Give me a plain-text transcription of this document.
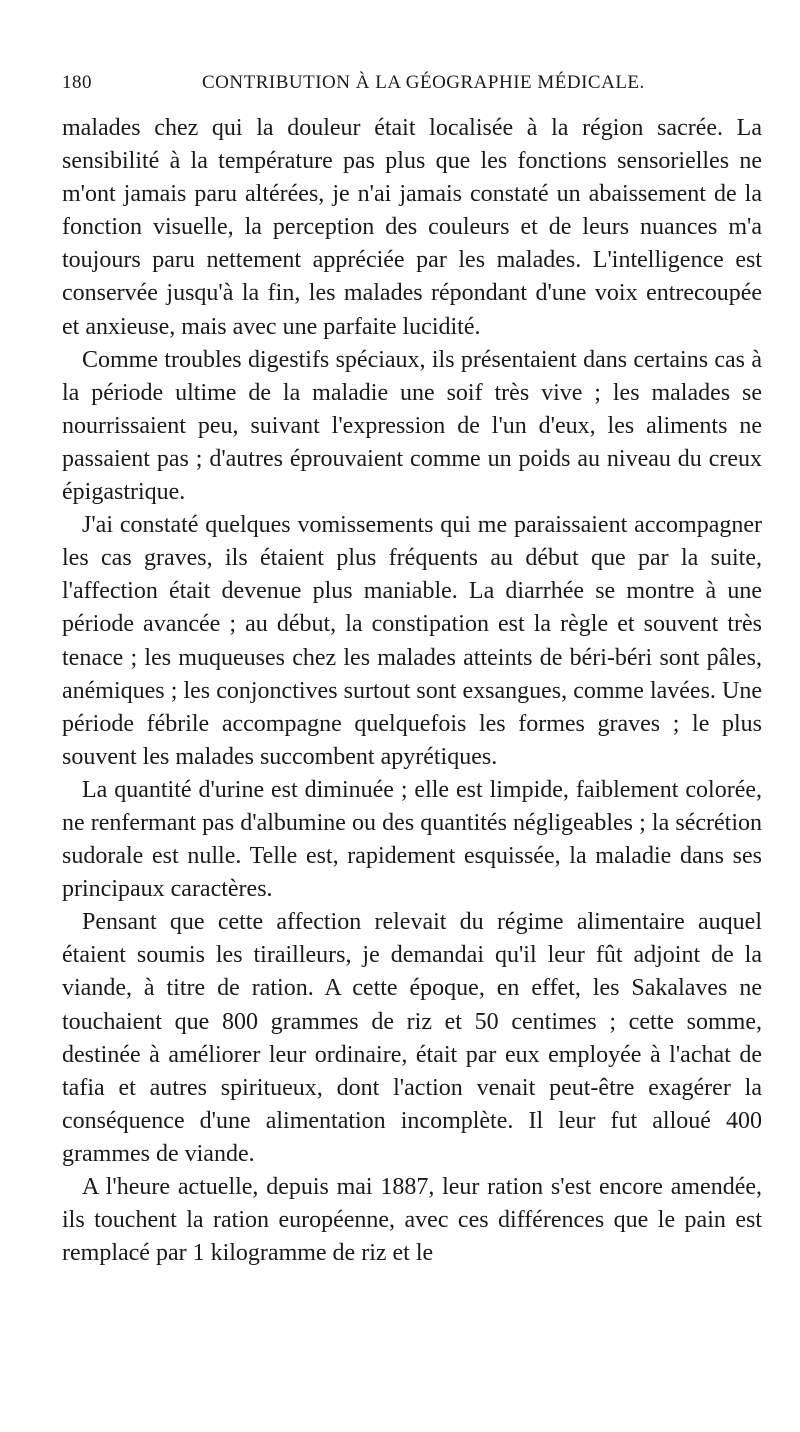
180	CONTRIBUTION À LA GÉOGRAPHIE MÉDICALE.

malades chez qui la douleur était localisée à la région sacrée. La sensibilité à la température pas plus que les fonctions sensorielles ne m'ont jamais paru altérées, je n'ai jamais constaté un abaissement de la fonction visuelle, la perception des couleurs et de leurs nuances m'a toujours paru nettement appréciée par les malades. L'intelligence est conservée jusqu'à la fin, les malades répondant d'une voix entrecoupée et anxieuse, mais avec une parfaite lucidité.

Comme troubles digestifs spéciaux, ils présentaient dans certains cas à la période ultime de la maladie une soif très vive ; les malades se nourrissaient peu, suivant l'expression de l'un d'eux, les aliments ne passaient pas ; d'autres éprouvaient comme un poids au niveau du creux épigastrique.

J'ai constaté quelques vomissements qui me paraissaient accompagner les cas graves, ils étaient plus fréquents au début que par la suite, l'affection était devenue plus maniable. La diarrhée se montre à une période avancée ; au début, la constipation est la règle et souvent très tenace ; les muqueuses chez les malades atteints de béri-béri sont pâles, anémiques ; les conjonctives surtout sont exsangues, comme lavées. Une période fébrile accompagne quelquefois les formes graves ; le plus souvent les malades succombent apyrétiques.

La quantité d'urine est diminuée ; elle est limpide, faiblement colorée, ne renfermant pas d'albumine ou des quantités négligeables ; la sécrétion sudorale est nulle. Telle est, rapidement esquissée, la maladie dans ses principaux caractères.

Pensant que cette affection relevait du régime alimentaire auquel étaient soumis les tirailleurs, je demandai qu'il leur fût adjoint de la viande, à titre de ration. A cette époque, en effet, les Sakalaves ne touchaient que 800 grammes de riz et 50 centimes ; cette somme, destinée à améliorer leur ordinaire, était par eux employée à l'achat de tafia et autres spiritueux, dont l'action venait peut-être exagérer la conséquence d'une alimentation incomplète. Il leur fut alloué 400 grammes de viande.

A l'heure actuelle, depuis mai 1887, leur ration s'est encore amendée, ils touchent la ration européenne, avec ces différences que le pain est remplacé par 1 kilogramme de riz et le
